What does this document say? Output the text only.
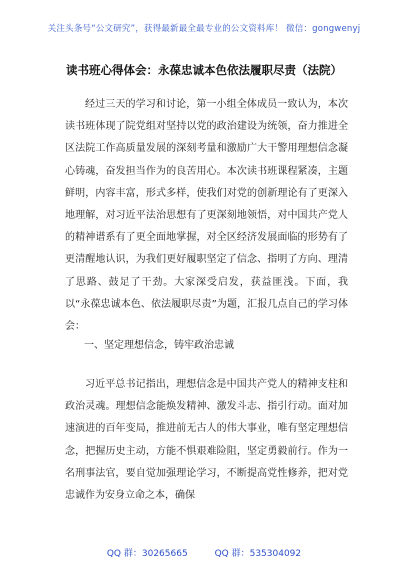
关注头条号“公文研究”，获得最新最全最专业的公文资料库！ 微信：gongwenyj
读书班心得体会：永葆忠诚本色依法履职尽责（法院）

经过三天的学习和讨论，第一小组全体成员一致认为，本次读书班体现了院党组对坚持以党的政治建设为统领，奋力推进全区法院工作高质量发展的深刻考量和激励广大干警用理想信念凝心铸魂，奋发担当作为的良苦用心。本次读书班课程紧凑，主题鲜明，内容丰富，形式多样，使我们对党的创新理论有了更深入地理解，对习近平法治思想有了更深刻地领悟，对中国共产党人的精神谱系有了更全面地掌握，对全区经济发展面临的形势有了更清醒地认识，为我们更好履职坚定了信念、指明了方向、理清了思路、鼓足了干劲。大家深受启发，获益匪浅。下面，我以“永葆忠诚本色、依法履职尽责”为题，汇报几点自己的学习体会：

一、坚定理想信念，铸牢政治忠诚

习近平总书记指出，理想信念是中国共产党人的精神支柱和政治灵魂。理想信念能焕发精神、激发斗志、指引行动。面对加速演进的百年变局，推进前无古人的伟大事业，唯有坚定理想信念，把握历史主动，方能不惧艰难险阻，坚定勇毅前行。作为一名刑事法官，要自觉加强理论学习，不断提高党性修养，把对党忠诚作为安身立命之本，确保

QQ 群：30265665	QQ 群：535304092
